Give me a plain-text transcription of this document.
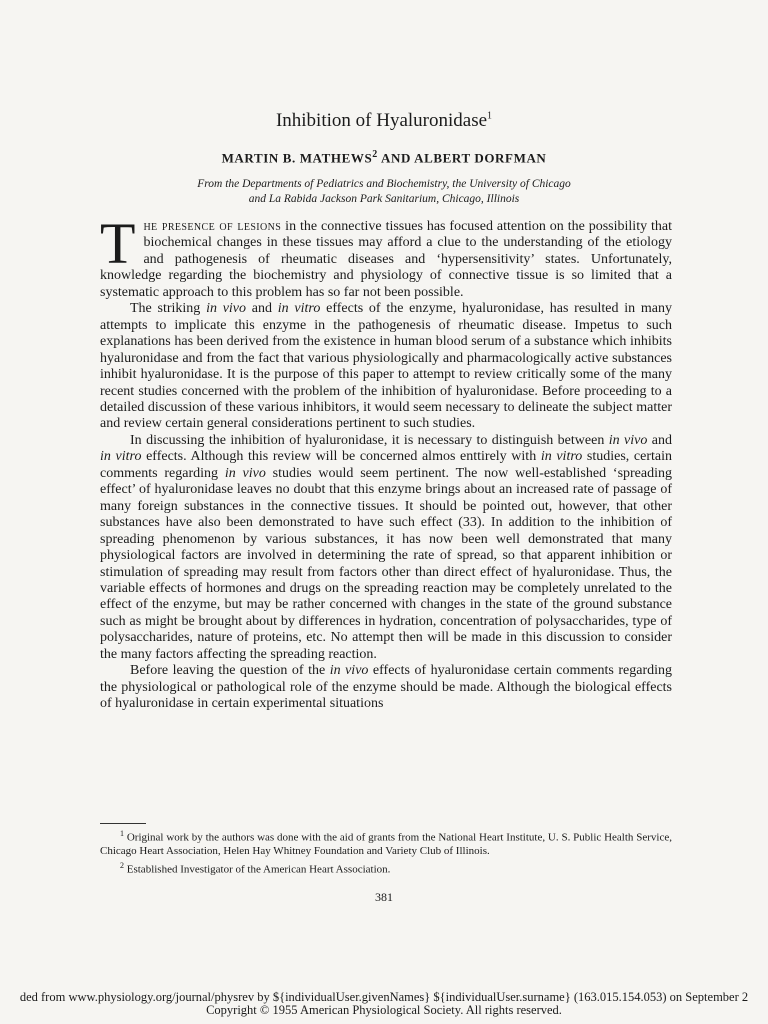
Inhibition of Hyaluronidase$^1$
MARTIN B. MATHEWS$^2$ AND ALBERT DORFMAN
From the Departments of Pediatrics and Biochemistry, the University of Chicago
and La Rabida Jackson Park Sanitarium, Chicago, Illinois

The presence of lesions in the connective tissues has focused attention on the possibility that biochemical changes in these tissues may afford a clue to the understanding of the etiology and pathogenesis of rheumatic diseases and ‘hypersensitivity’ states. Unfortunately, knowledge regarding the biochemistry and physiology of connective tissue is so limited that a systematic approach to this problem has so far not been possible.

The striking in vivo and in vitro effects of the enzyme, hyaluronidase, has resulted in many attempts to implicate this enzyme in the pathogenesis of rheumatic disease. Impetus to such explanations has been derived from the existence in human blood serum of a substance which inhibits hyaluronidase and from the fact that various physiologically and pharmacologically active substances inhibit hyaluronidase. It is the purpose of this paper to attempt to review critically some of the many recent studies concerned with the problem of the inhibition of hyaluronidase. Before proceeding to a detailed discussion of these various inhibitors, it would seem necessary to delineate the subject matter and review certain general considerations pertinent to such studies.

In discussing the inhibition of hyaluronidase, it is necessary to distinguish between in vivo and in vitro effects. Although this review will be concerned almos enttirely with in vitro studies, certain comments regarding in vivo studies would seem pertinent. The now well-established ‘spreading effect’ of hyaluronidase leaves no doubt that this enzyme brings about an increased rate of passage of many foreign substances in the connective tissues. It should be pointed out, however, that other substances have also been demonstrated to have such effect (33). In addition to the inhibition of spreading phenomenon by various substances, it has now been well demonstrated that many physiological factors are involved in determining the rate of spread, so that apparent inhibition or stimulation of spreading may result from factors other than direct effect of hyaluronidase. Thus, the variable effects of hormones and drugs on the spreading reaction may be completely unrelated to the effect of the enzyme, but may be rather concerned with changes in the state of the ground substance such as might be brought about by differences in hydration, concentration of polysaccharides, type of polysaccharides, nature of proteins, etc. No attempt then will be made in this discussion to consider the many factors affecting the spreading reaction.

Before leaving the question of the in vivo effects of hyaluronidase certain comments regarding the physiological or pathological role of the enzyme should be made. Although the biological effects of hyaluronidase in certain experimental situations

$^1$ Original work by the authors was done with the aid of grants from the National Heart Institute, U. S. Public Health Service, Chicago Heart Association, Helen Hay Whitney Foundation and Variety Club of Illinois.

$^2$ Established Investigator of the American Heart Association.

381
ded from www.physiology.org/journal/physrev by ${individualUser.givenNames} ${individualUser.surname} (163.015.154.053) on September 2
Copyright © 1955 American Physiological Society. All rights reserved.
